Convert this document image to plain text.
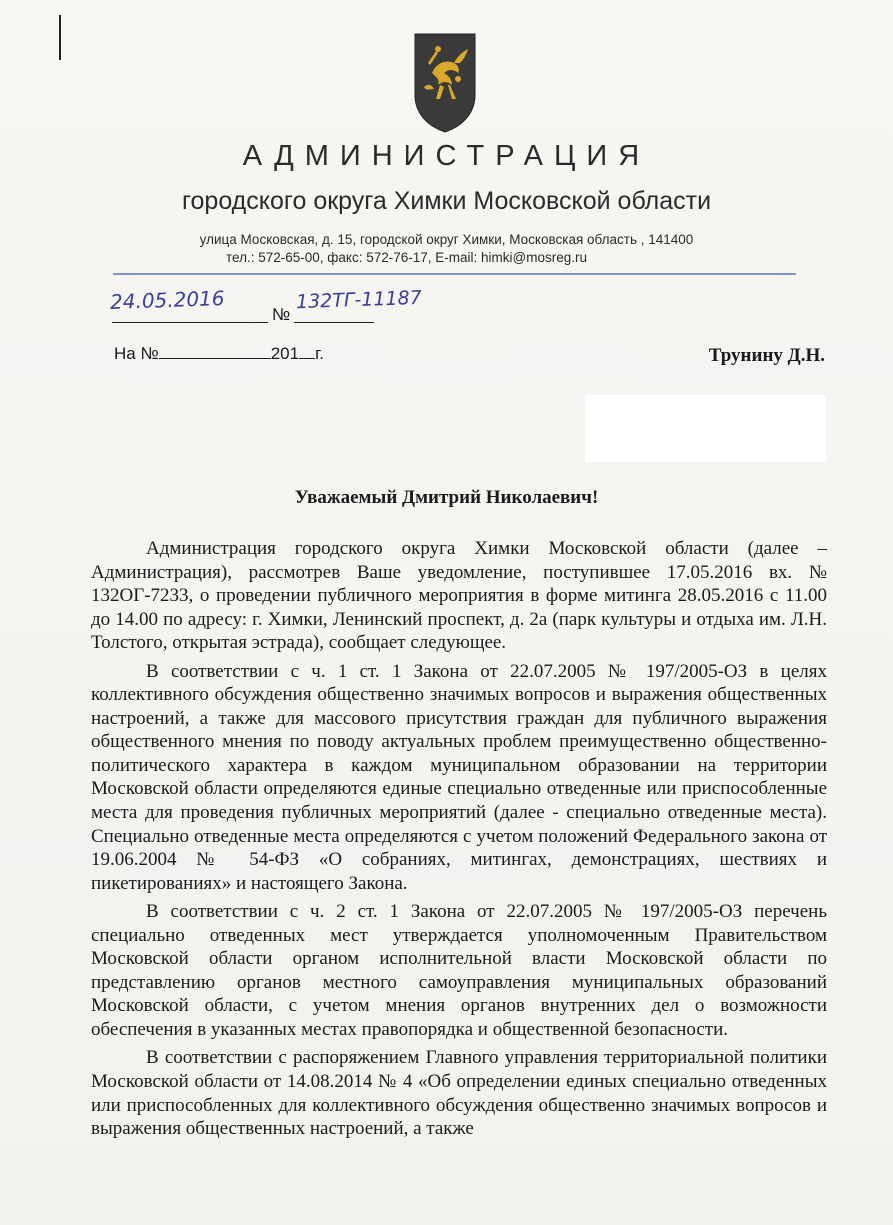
АДМИНИСТРАЦИЯ
городского округа Химки Московской области
улица Московская, д. 15, городской округ Химки, Московская область , 141400
тел.: 572-65-00, факс: 572-76-17, E-mail: himki@mosreg.ru
24.05.2016
№
132ТГ-11187
На №	201 г.	Трунину Д.Н.
Уважаемый Дмитрий Николаевич!

Администрация городского округа Химки Московской области (далее – Администрация), рассмотрев Ваше уведомление, поступившее 17.05.2016 вх. № 132ОГ-7233, о проведении публичного мероприятия в форме митинга 28.05.2016 с 11.00 до 14.00 по адресу: г. Химки, Ленинский проспект, д. 2а (парк культуры и отдыха им. Л.Н. Толстого, открытая эстрада), сообщает следующее.

В соответствии с ч. 1 ст. 1 Закона от 22.07.2005 № 197/2005-ОЗ в целях коллективного обсуждения общественно значимых вопросов и выражения общественных настроений, а также для массового присутствия граждан для публичного выражения общественного мнения по поводу актуальных проблем преимущественно общественно-политического характера в каждом муниципальном образовании на территории Московской области определяются единые специально отведенные или приспособленные места для проведения публичных мероприятий (далее - специально отведенные места). Специально отведенные места определяются с учетом положений Федерального закона от 19.06.2004 № 54-ФЗ «О собраниях, митингах, демонстрациях, шествиях и пикетированиях» и настоящего Закона.

В соответствии с ч. 2 ст. 1 Закона от 22.07.2005 № 197/2005-ОЗ перечень специально отведенных мест утверждается уполномоченным Правительством Московской области органом исполнительной власти Московской области по представлению органов местного самоуправления муниципальных образований Московской области, с учетом мнения органов внутренних дел о возможности обеспечения в указанных местах правопорядка и общественной безопасности.

В соответствии с распоряжением Главного управления территориальной политики Московской области от 14.08.2014 № 4 «Об определении единых специально отведенных или приспособленных для коллективного обсуждения общественно значимых вопросов и выражения общественных настроений, а также
